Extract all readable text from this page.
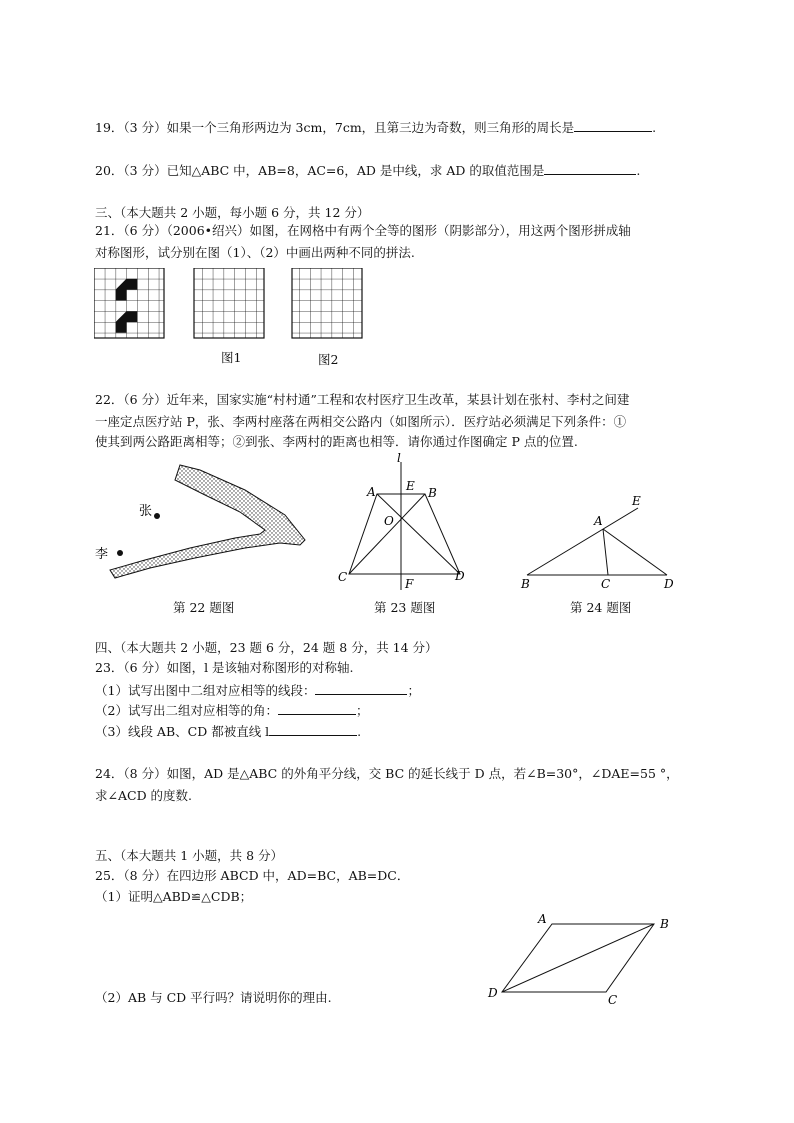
19．（3 分）如果一个三角形两边为 3cm，7cm，且第三边为奇数，则三角形的周长是	.
20．（3 分）已知△ABC 中，AB=8，AC=6，AD 是中线，求 AD 的取值范围是	.
三、（本大题共 2 小题，每小题 6 分，共 12 分）
21．（6 分）（2006•绍兴）如图，在网格中有两个全等的图形（阴影部分），用这两个图形拼成轴
对称图形，试分别在图（1）、（2）中画出两种不同的拼法.
图1	图2
22．（6 分）近年来，国家实施“村村通”工程和农村医疗卫生改革，某县计划在张村、李村之间建
一座定点医疗站 P，张、李两村座落在两相交公路内（如图所示）．医疗站必须满足下列条件：①
使其到两公路距离相等；②到张、李两村的距离也相等．请你通过作图确定 P 点的位置.
张
李
l
A	E B
O
C	F
D
E
A
B	C	D
第 22 题图	第 23 题图	第 24 题图
四、（本大题共 2 小题，23 题 6 分，24 题 8 分，共 14 分）
23．（6 分）如图，l 是该轴对称图形的对称轴.
（1）试写出图中二组对应相等的线段：	；
（2）试写出二组对应相等的角：	；
（3）线段 AB、CD 都被直线 l	.
24．（8 分）如图，AD 是△ABC 的外角平分线，交 BC 的延长线于 D 点，若∠B=30°，∠DAE=55 °，
求∠ACD 的度数.
五、（本大题共 1 小题，共 8 分）
25．（8 分）在四边形 ABCD 中，AD=BC，AB=DC．
（1）证明△ABD≌△CDB；
（2）AB 与 CD 平行吗？请说明你的理由.
A	B
C
D
